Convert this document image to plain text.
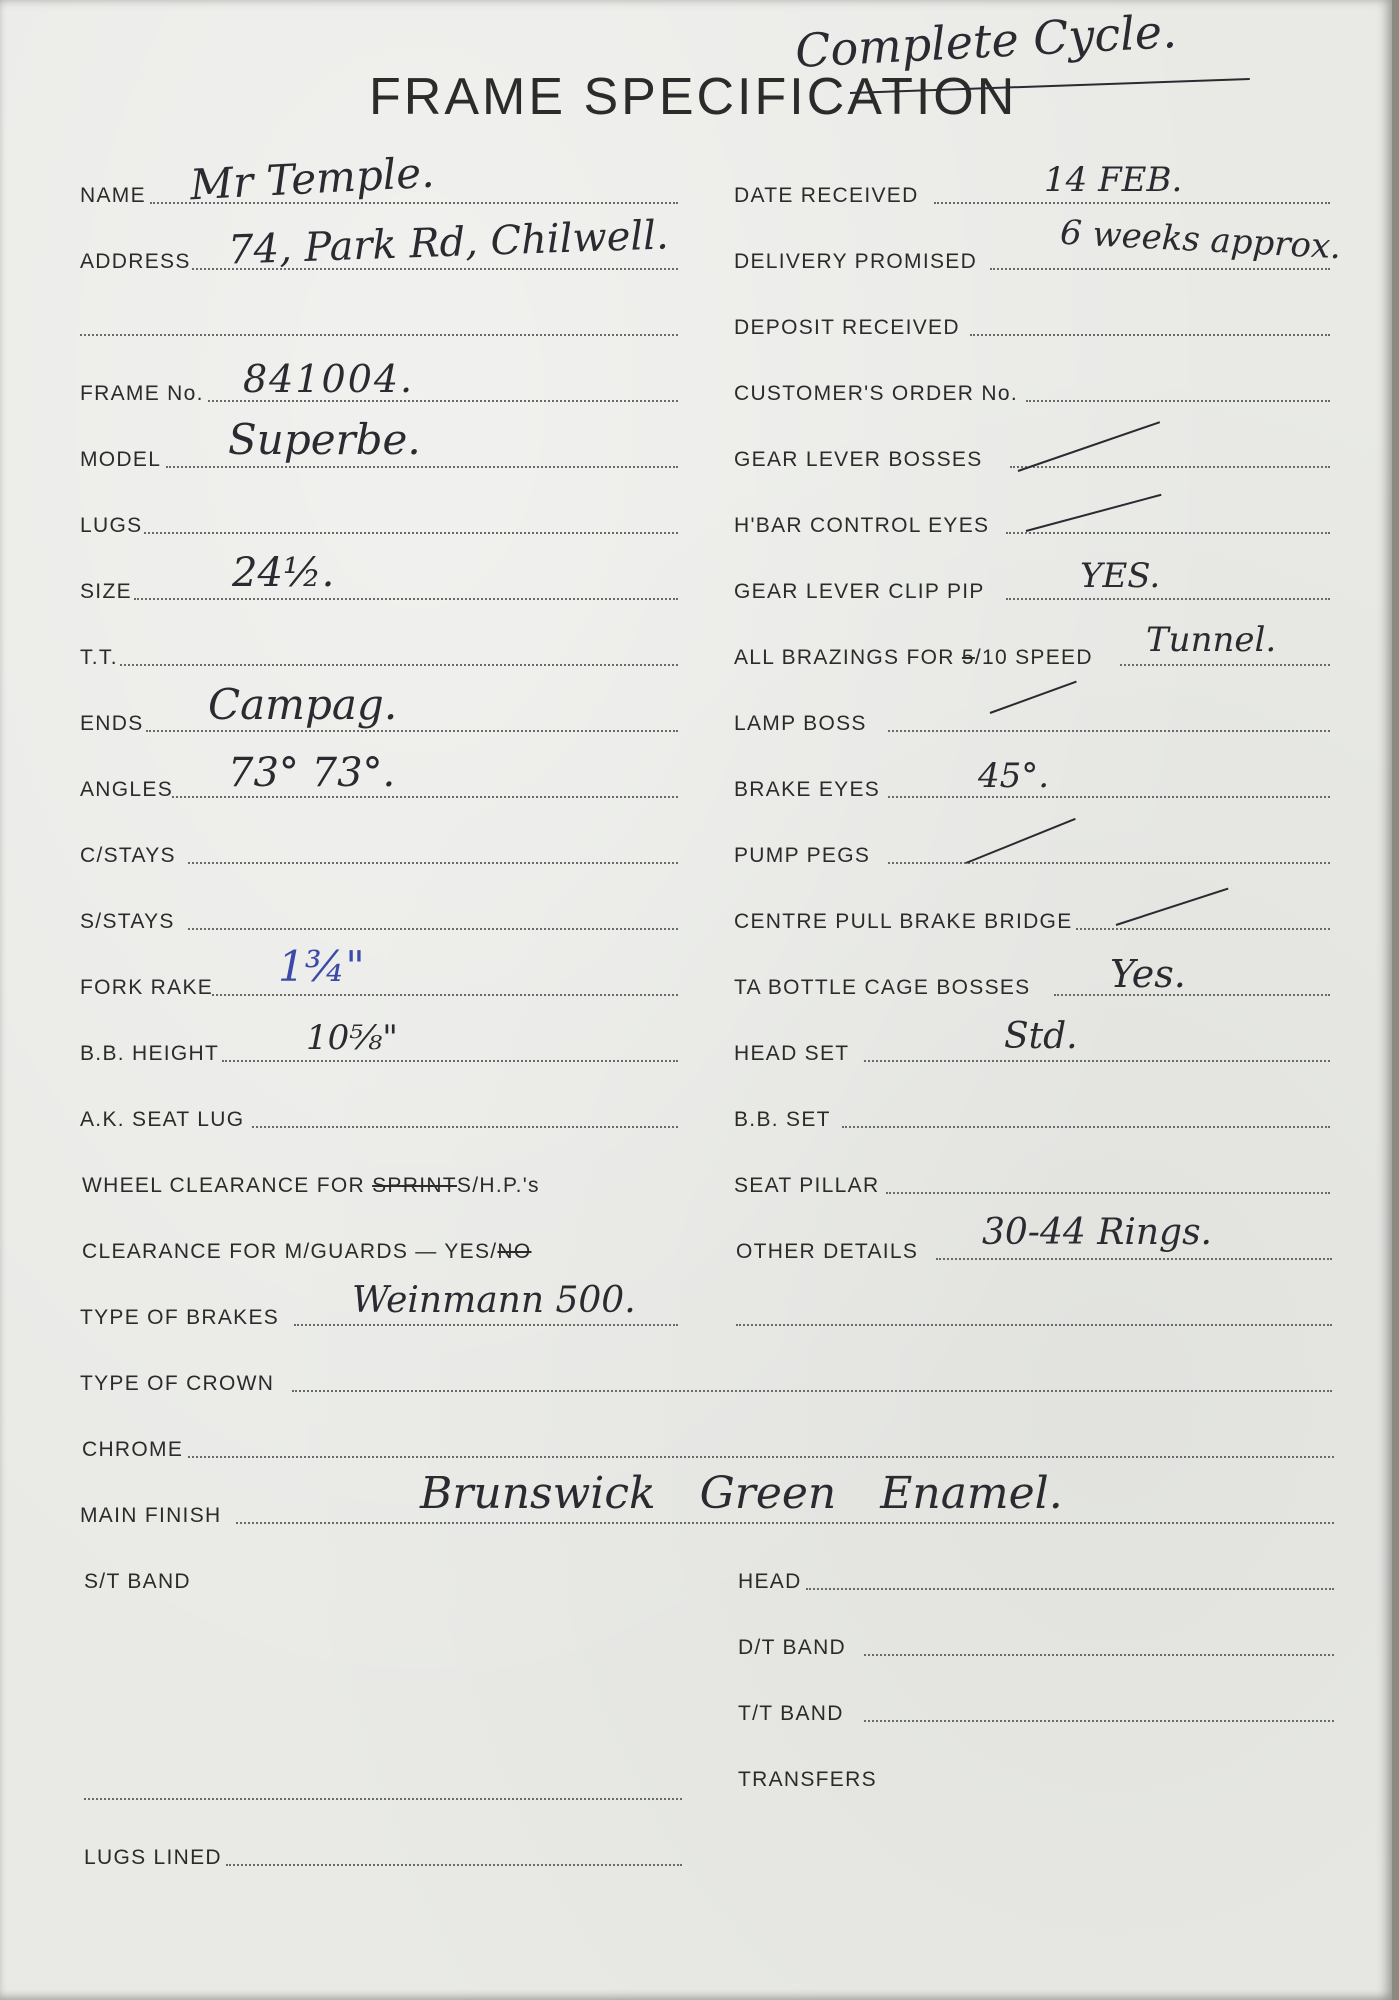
FRAME SPECIFICATION
Complete Cycle.
NAME Mr Temple.
ADDRESS 74, Park Rd, Chilwell.
FRAME No. 841004.
MODEL Superbe.
LUGS
SIZE	24½.
T.T.
ENDS Campag.
ANGLES 73° 73°.
C/STAYS
S/STAYS
FORK RAKE 1¾"
B.B. HEIGHT	10⅝"
A.K. SEAT LUG
WHEEL CLEARANCE FOR SPRINTS/H.P.'s
CLEARANCE FOR M/GUARDS — YES/NO
TYPE OF BRAKES Weinmann 500.
TYPE OF CROWN
CHROME
MAIN FINISH	Brunswick Green Enamel.
S/T BAND
LUGS LINED
DATE RECEIVED	14 FEB.
DELIVERY PROMISED 6 weeks approx.
DEPOSIT RECEIVED
CUSTOMER'S ORDER No.
GEAR LEVER BOSSES
H'BAR CONTROL EYES
GEAR LEVER CLIP PIP	YES.
ALL BRAZINGS FOR 5/10 SPEED Tunnel.
LAMP BOSS
BRAKE EYES	45°.
PUMP PEGS
CENTRE PULL BRAKE BRIDGE
TA BOTTLE CAGE BOSSES Yes.
HEAD SET	Std.
B.B. SET
SEAT PILLAR
OTHER DETAILS 30-44 Rings.
HEAD
D/T BAND
T/T BAND
TRANSFERS
